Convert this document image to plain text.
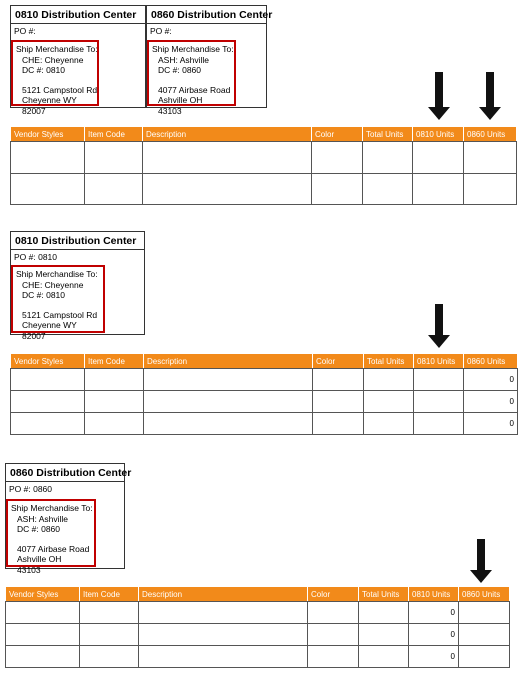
0810 Distribution Center
PO #:
Ship Merchandise To:
CHE: Cheyenne
DC #: 0810
5121 Campstool Rd
Cheyenne WY
82007
0860 Distribution Center
PO #:
Ship Merchandise To:
ASH: Ashville
DC #: 0860
4077 Airbase Road
Ashville OH
43103
Vendor Styles	Item Code	Description	Color	Total Units	0810 Units	0860 Units

0810 Distribution Center
PO #: 0810
Ship Merchandise To:
CHE: Cheyenne
DC #: 0810
5121 Campstool Rd
Cheyenne WY
82007
Vendor Styles	Item Code	Description	Color	Total Units	0810 Units	0860 Units
						0
						0
						0
0860 Distribution Center
PO #: 0860
Ship Merchandise To:
ASH: Ashville
DC #: 0860
4077 Airbase Road
Ashville OH
43103
Vendor Styles	Item Code	Description	Color	Total Units	0810 Units	0860 Units
					0	
					0	
					0	
